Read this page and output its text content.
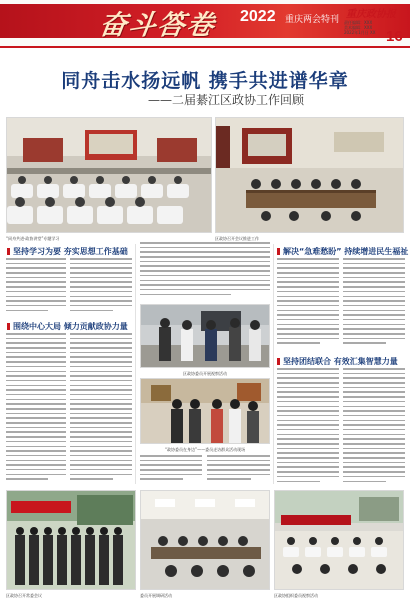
奋斗答卷 2022 重庆两会特刊 重庆政协报
责任编辑：XXX
美术编辑：XXX
2022年1月日 XX 16
同舟击水扬远帆 携手共进谱华章
——二届綦江区政协工作回顾
“同舟共进·政协讲堂”专题学习	区政协召开会议推进工作
坚持学习为要 夯实思想工作基础
围绕中心大局 倾力贡献政协力量
区政协委员开展视察活动
“政协委员在身边”——委员走访群众活动现场
解决“急难愁盼” 持续增进民生福祉
坚持团结联合 有效汇集智慧力量
区政协召开常委会议	委员开展调研活动	区政协组织委员视察活动
